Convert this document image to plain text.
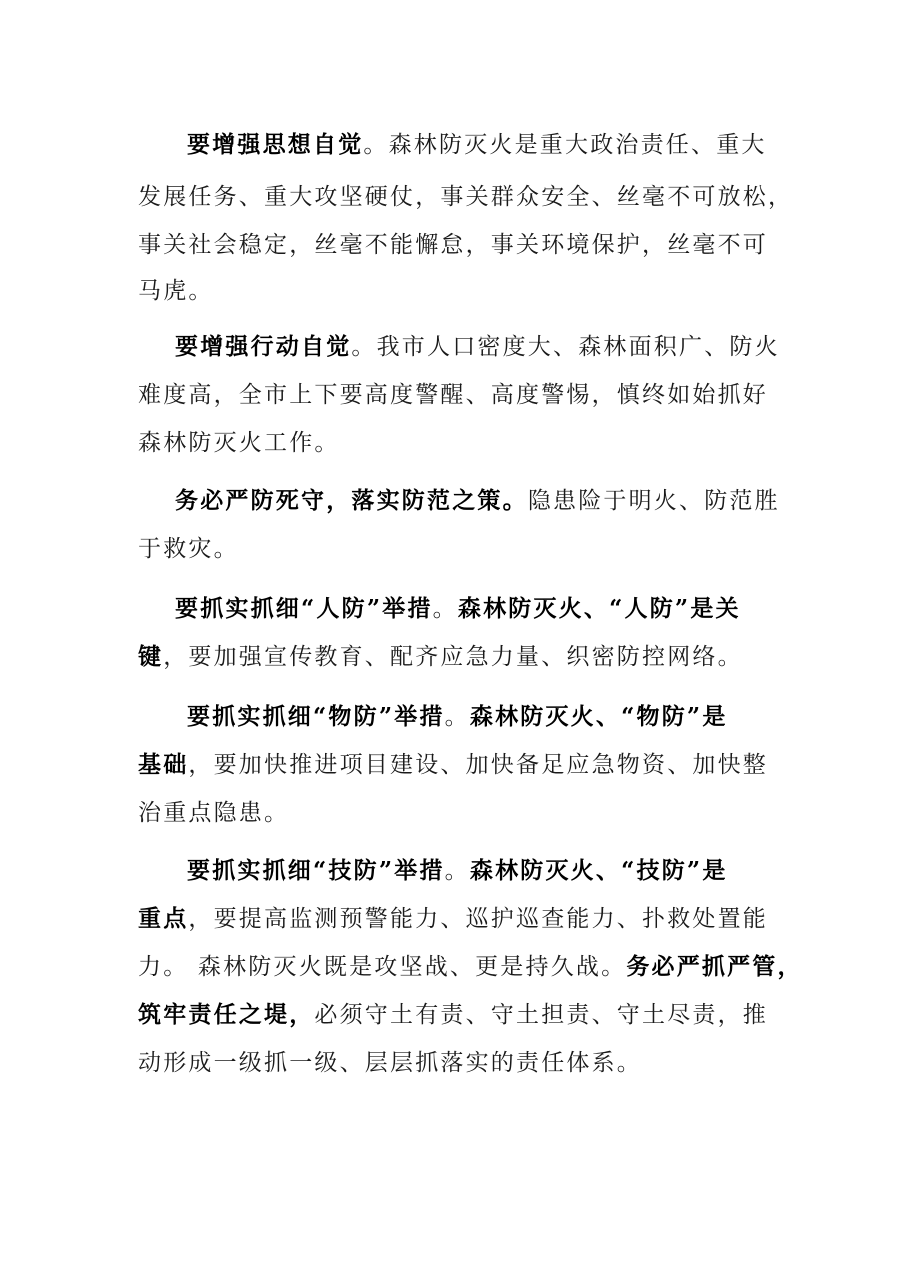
要增强思想自觉。森林防灭火是重大政治责任、重大
发展任务、重大攻坚硬仗，事关群众安全、丝毫不可放松，
事关社会稳定，丝毫不能懈怠，事关环境保护，丝毫不可
马虎。
要增强行动自觉。我市人口密度大、森林面积广、防火
难度高，全市上下要高度警醒、高度警惕，慎终如始抓好
森林防灭火工作。
务必严防死守，落实防范之策。隐患险于明火、防范胜
于救灾。
要抓实抓细“人防”举措。森林防灭火、“人防”是关
键，要加强宣传教育、配齐应急力量、织密防控网络。
要抓实抓细“物防”举措。森林防灭火、“物防”是
基础，要加快推进项目建设、加快备足应急物资、加快整
治重点隐患。
要抓实抓细“技防”举措。森林防灭火、“技防”是
重点，要提高监测预警能力、巡护巡查能力、扑救处置能
力。 森林防灭火既是攻坚战、更是持久战。务必严抓严管，
筑牢责任之堤，必须守土有责、守土担责、守土尽责，推
动形成一级抓一级、层层抓落实的责任体系。
